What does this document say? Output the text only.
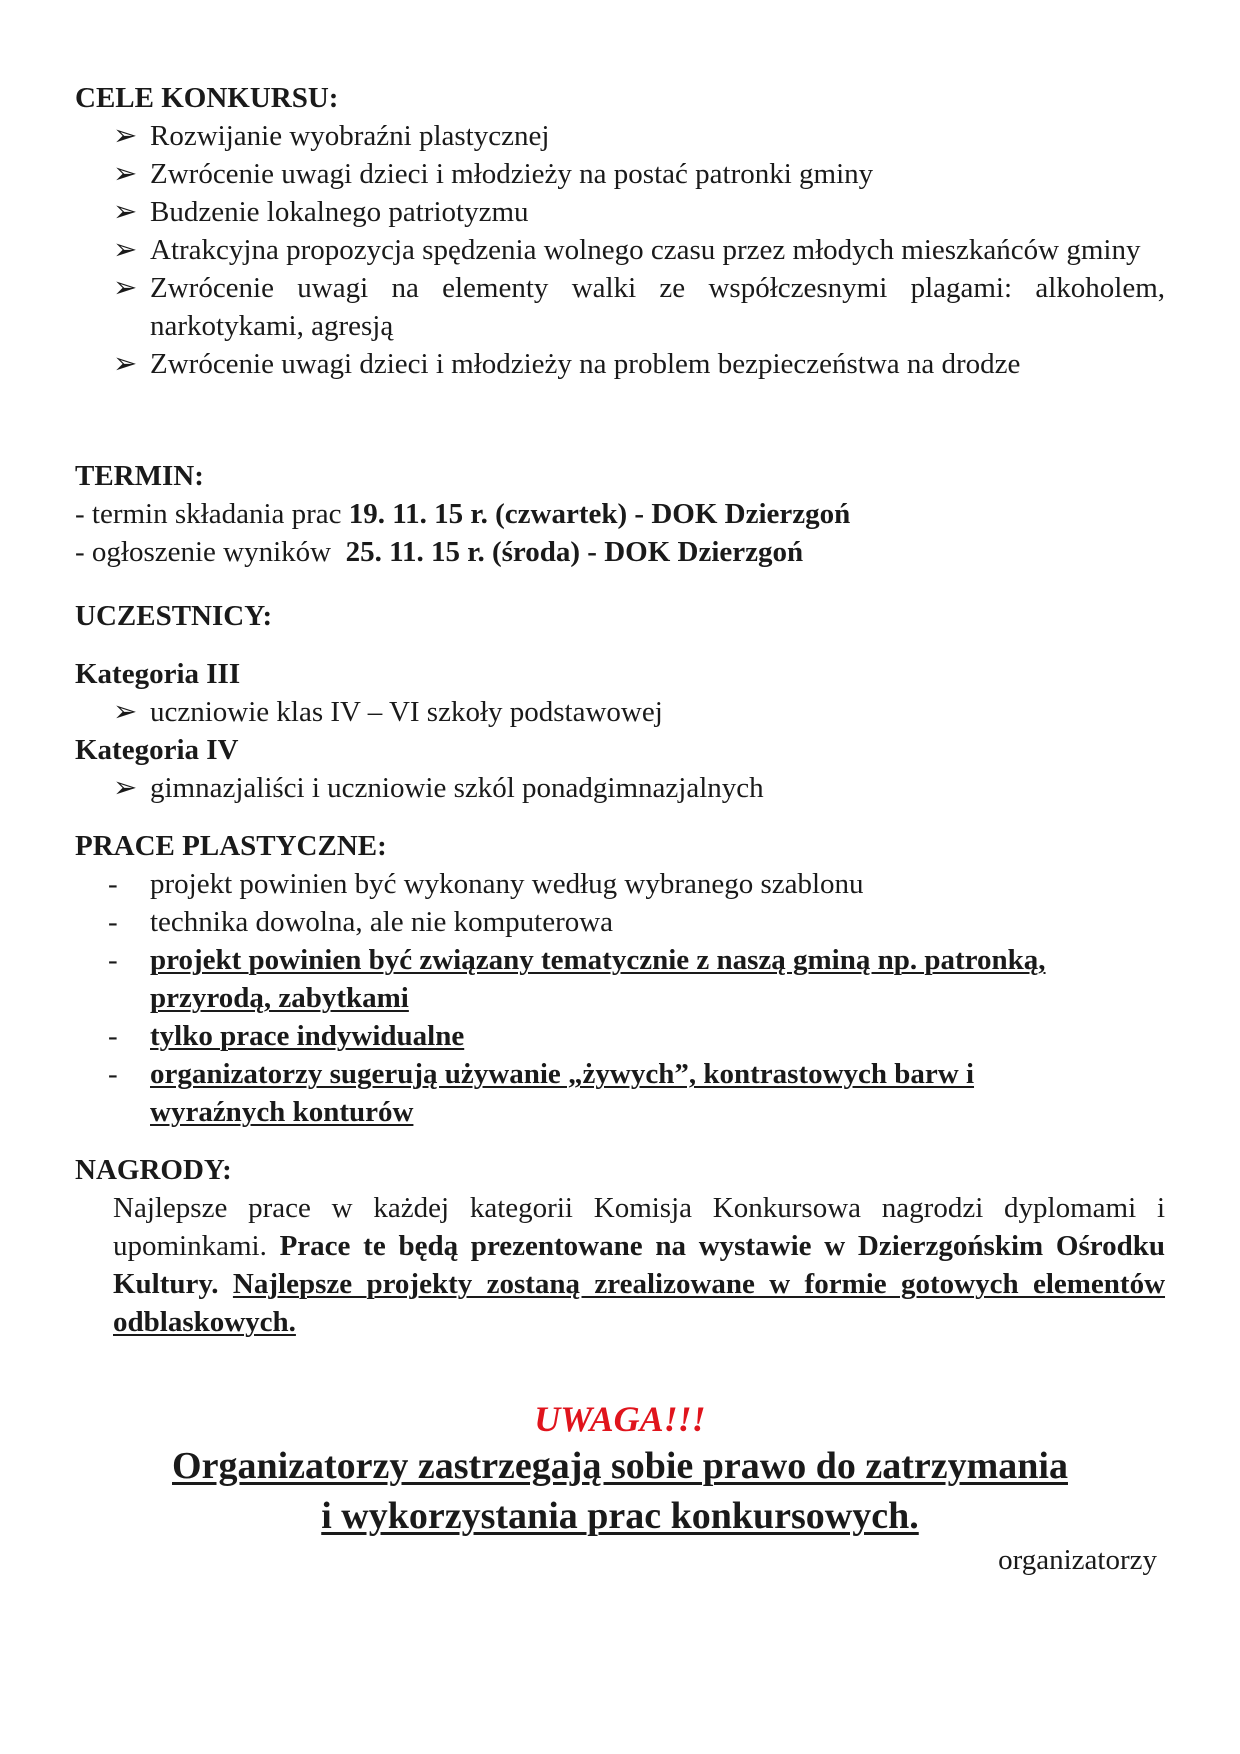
CELE KONKURSU:

➢ Rozwijanie wyobraźni plastycznej
➢ Zwrócenie uwagi dzieci i młodzieży na postać patronki gminy
➢ Budzenie lokalnego patriotyzmu
➢ Atrakcyjna propozycja spędzenia wolnego czasu przez młodych mieszkańców gminy
➢ Zwrócenie uwagi na elementy walki ze współczesnymi plagami: alkoholem, narkotykami, agresją
➢ Zwrócenie uwagi dzieci i młodzieży na problem bezpieczeństwa na drodze

TERMIN:

- termin składania prac 19. 11. 15 r. (czwartek) - DOK Dzierzgoń

- ogłoszenie wyników  25. 11. 15 r. (środa) - DOK Dzierzgoń

UCZESTNICY:

Kategoria III

➢ uczniowie klas IV – VI szkoły podstawowej

Kategoria IV

➢ gimnazjaliści i uczniowie szkól ponadgimnazjalnych

PRACE PLASTYCZNE:

- projekt powinien być wykonany według wybranego szablonu
- technika dowolna, ale nie komputerowa
- projekt powinien być związany tematycznie z naszą gminą np. patronką, przyrodą, zabytkami
- tylko prace indywidualne
- organizatorzy sugerują używanie „żywych”, kontrastowych barw i wyraźnych konturów

NAGRODY:

Najlepsze prace w każdej kategorii Komisja Konkursowa nagrodzi dyplomami i upominkami. Prace te będą prezentowane na wystawie w Dzierzgońskim Ośrodku Kultury. Najlepsze projekty zostaną zrealizowane w formie gotowych elementów odblaskowych.

UWAGA!!!

Organizatorzy zastrzegają sobie prawo do zatrzymania

i wykorzystania prac konkursowych.

organizatorzy
